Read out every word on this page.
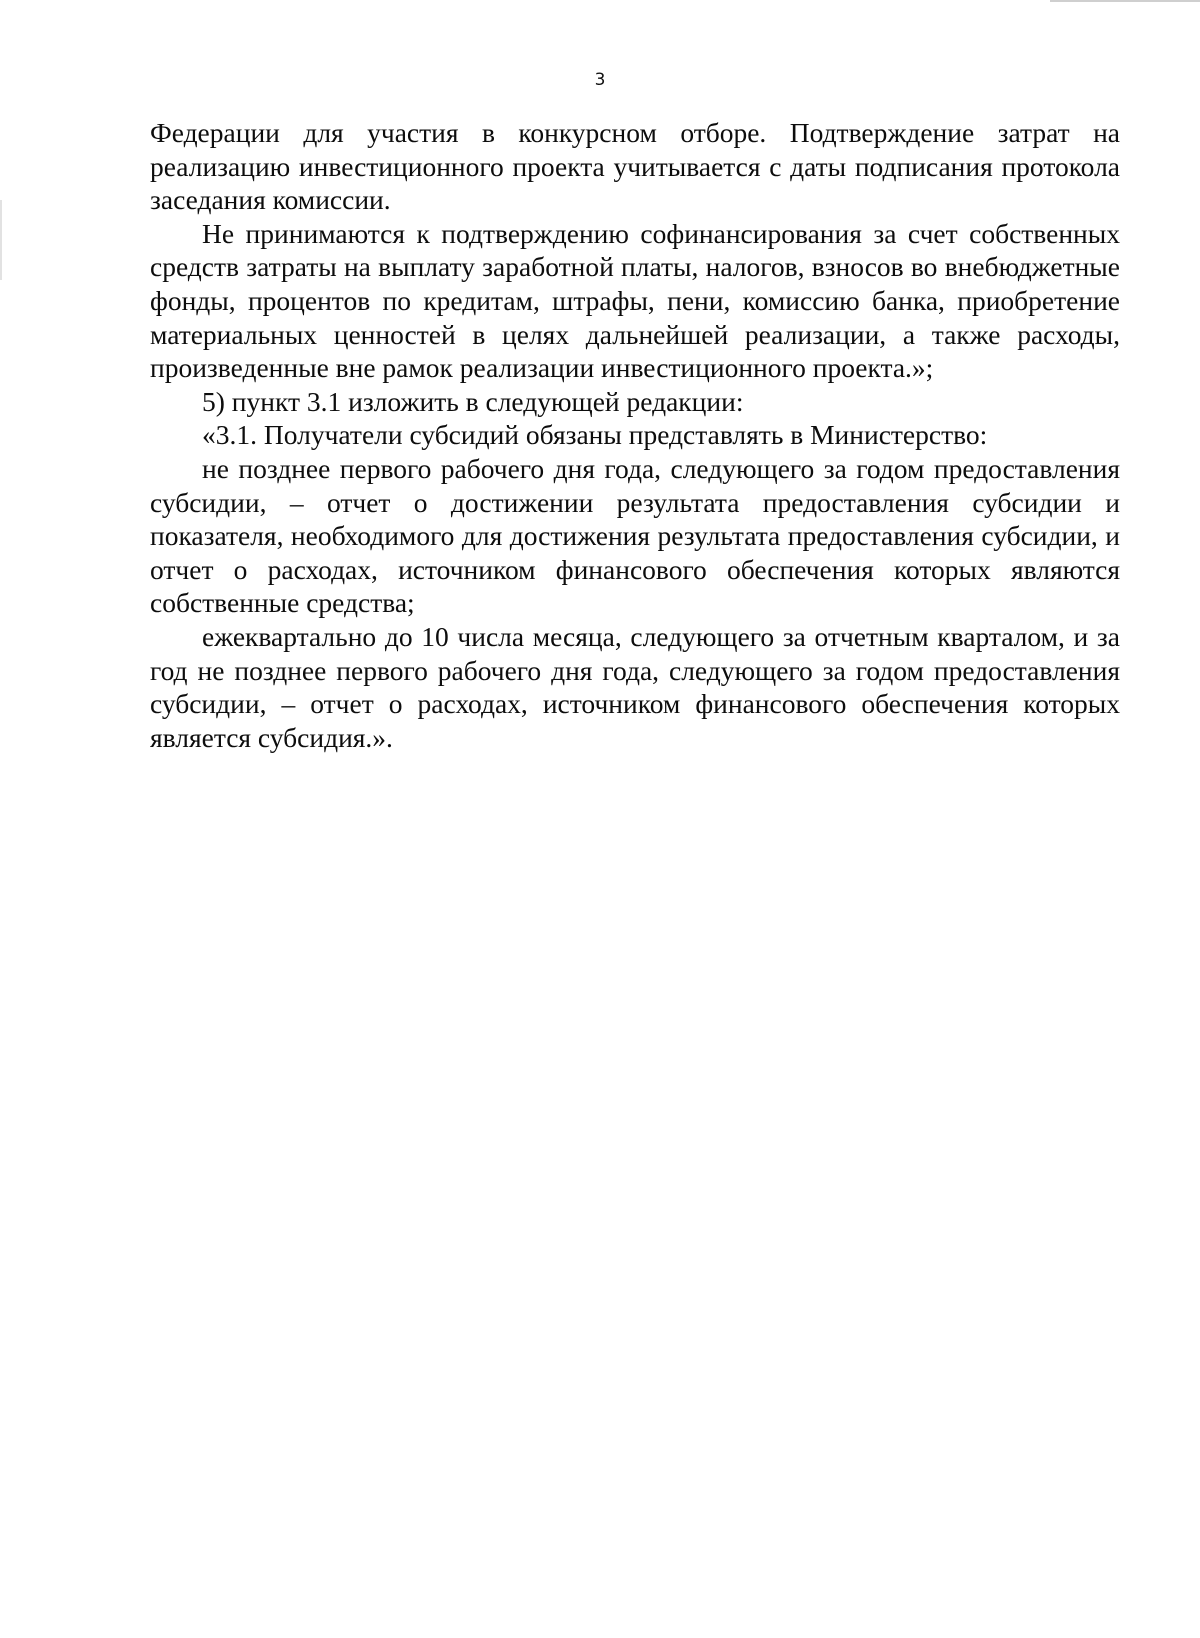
3

Федерации для участия в конкурсном отборе. Подтверждение затрат на реализацию инвестиционного проекта учитывается с даты подписания протокола заседания комиссии.

Не принимаются к подтверждению софинансирования за счет собственных средств затраты на выплату заработной платы, налогов, взносов во внебюджетные фонды, процентов по кредитам, штрафы, пени, комиссию банка, приобретение материальных ценностей в целях дальнейшей реализации, а также расходы, произведенные вне рамок реализации инвестиционного проекта.»;

5) пункт 3.1 изложить в следующей редакции:

«3.1. Получатели субсидий обязаны представлять в Министерство:

не позднее первого рабочего дня года, следующего за годом предоставления субсидии, – отчет о достижении результата предоставления субсидии и показателя, необходимого для достижения результата предоставления субсидии, и отчет о расходах, источником финансового обеспечения которых являются собственные средства;

ежеквартально до 10 числа месяца, следующего за отчетным кварталом, и за год не позднее первого рабочего дня года, следующего за годом предоставления субсидии, – отчет о расходах, источником финансового обеспечения которых является субсидия.».
